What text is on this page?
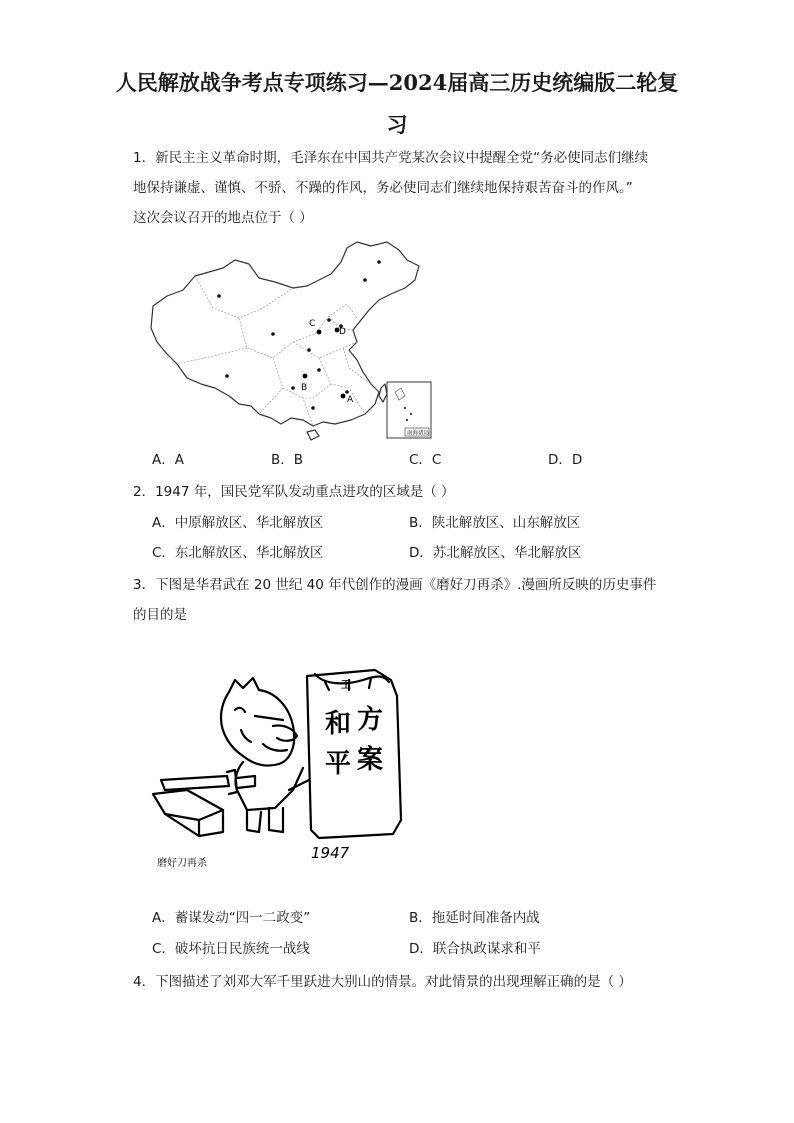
人民解放战争考点专项练习—2024届高三历史统编版二轮复
习
1．新民主主义革命时期，毛泽东在中国共产党某次会议中提醒全党“务必使同志们继续
地保持谦虚、谨慎、不骄、不躁的作风，务必使同志们继续地保持艰苦奋斗的作风。”
这次会议召开的地点位于（ ）
A
B
C
D
南海诸岛
A．A	B．B	C．C	D．D
2．1947 年，国民党军队发动重点进攻的区域是（ ）
A．中原解放区、华北解放区	B．陕北解放区、山东解放区
C．东北解放区、华北解放区	D．苏北解放区、华北解放区
3．下图是华君武在 20 世纪 40 年代创作的漫画《磨好刀再杀》.漫画所反映的历史事件
的目的是
和 方
平 案
王
1947
磨好刀再杀
A．蓄谋发动“四一二政变”	B．拖延时间准备内战
C．破坏抗日民族统一战线	D．联合执政谋求和平
4．下图描述了刘邓大军千里跃进大别山的情景。对此情景的出现理解正确的是（ ）
